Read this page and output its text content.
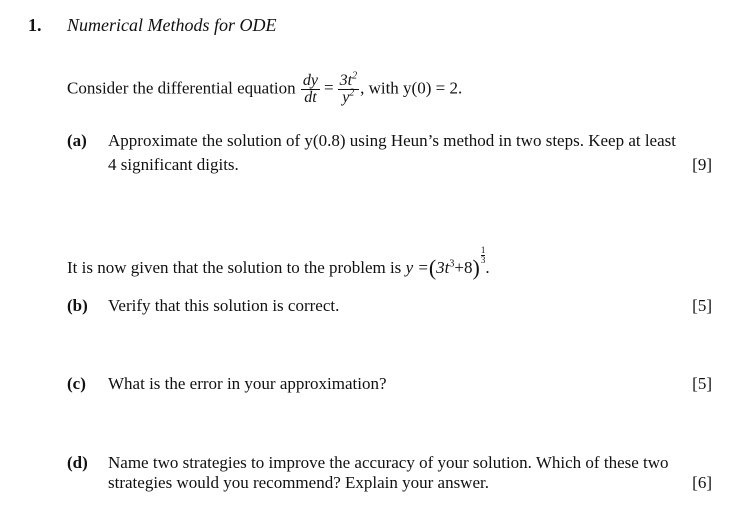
1. Numerical Methods for ODE
Consider the differential equation $\frac{dy}{dt} = \frac{3t^2}{y^2}$ , with y(0) = 2.
(a) Approximate the solution of y(0.8) using Heun’s method in two steps. Keep at least
4 significant digits.	[9]
It is now given that the solution to the problem is $y =(3t^3+8) \frac{1}{3}$
.
(b) Verify that this solution is correct.	[5]
(c) What is the error in your approximation?	[5]
(d) Name two strategies to improve the accuracy of your solution. Which of these two
strategies would you recommend? Explain your answer.	[6]
